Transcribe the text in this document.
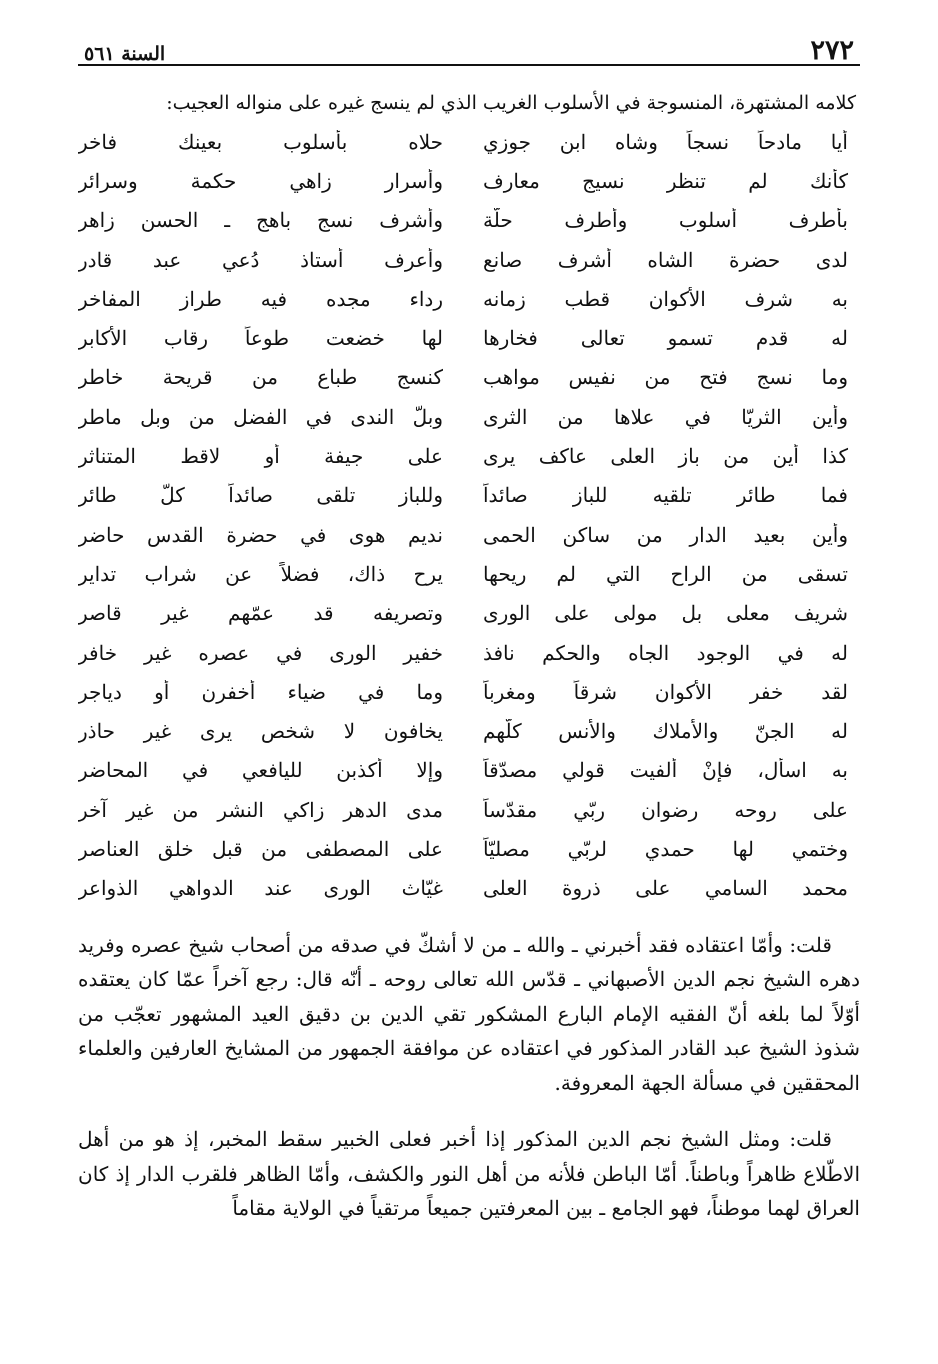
٢٧٢
السنة ٥٦١
كلامه المشتهرة، المنسوجة في الأسلوب الغريب الذي لم ينسج غيره على منواله العجيب:
أيا مادحاً نسجاً وشاه ابن جوزي
حلاه بأسلوب بعينك فاخر
كأنك لم تنظر نسيج معارف
وأسرار زاهي حكمة وسرائر
بأطرف أسلوب وأطرف حلّة
وأشرف نسج باهج ـ الحسن زاهر
لدى حضرة الشاه أشرف صانع
وأعرف أستاذ دُعي عبد قادر
به شرف الأكوان قطب زمانه
رداء مجده فيه طراز المفاخر
له قدم تسمو تعالى فخارها
لها خضعت طوعاً رقاب الأكابر
وما نسج فتح من نفيس مواهب
كنسج طباع من قريحة خاطر
وأين الثريّا في علاها من الثرى
وبلّ الندى في الفضل من وبل ماطر
كذا أين من باز العلى عاكف يرى
على جيفة أو لاقط المتناثر
فما طائر تلقيه للباز صائداً
وللباز تلقى صائداً كلّ طائر
وأين بعيد الدار من ساكن الحمى
نديم هوى في حضرة القدس حاضر
تسقى من الراح التي لم ريحها
يرح ذاك، فضلاً عن شراب تداير
شريف معلى بل مولى على الورى
وتصريفه قد عمّهم غير قاصر
له في الوجود الجاه والحكم نافذ
خفير الورى في عصره غير خافر
لقد خفر الأكوان شرقاً ومغرباً
وما في ضياء أخفرن أو دياجر
له الجنّ والأملاك والأنس كلّهم
يخافون لا شخص يرى غير حاذر
به اسأل، فإنْ ألفيت قولي مصدّقاً
وإلا أكذبن لليافعي في المحاضر
على روحه رضوان ربّي مقدّساً
مدى الدهر زاكي النشر من غير آخر
وختمي لها حمدي لربّي مصليّاً
على المصطفى من قبل خلق العناصر
محمد السامي على ذروة العلى
غيّاث الورى عند الدواهي الذواعر

قلت: وأمّا اعتقاده فقد أخبرني ـ والله ـ من لا أشكّ في صدقه من أصحاب شيخ عصره وفريد دهره الشيخ نجم الدين الأصبهاني ـ قدّس الله تعالى روحه ـ أنّه قال: رجع آخراً عمّا كان يعتقده أوّلاً لما بلغه أنّ الفقيه الإمام البارع المشكور تقي الدين بن دقيق العيد المشهور تعجّب من شذوذ الشيخ عبد القادر المذكور في اعتقاده عن موافقة الجمهور من المشايخ العارفين والعلماء المحققين في مسألة الجهة المعروفة.

قلت: ومثل الشيخ نجم الدين المذكور إذا أخبر فعلى الخبير سقط المخبر، إذ هو من أهل الاطّلاع ظاهراً وباطناً. أمّا الباطن فلأنه من أهل النور والكشف، وأمّا الظاهر فلقرب الدار إذ كان العراق لهما موطناً، فهو الجامع ـ بين المعرفتين جميعاً مرتقياً في الولاية مقاماً
